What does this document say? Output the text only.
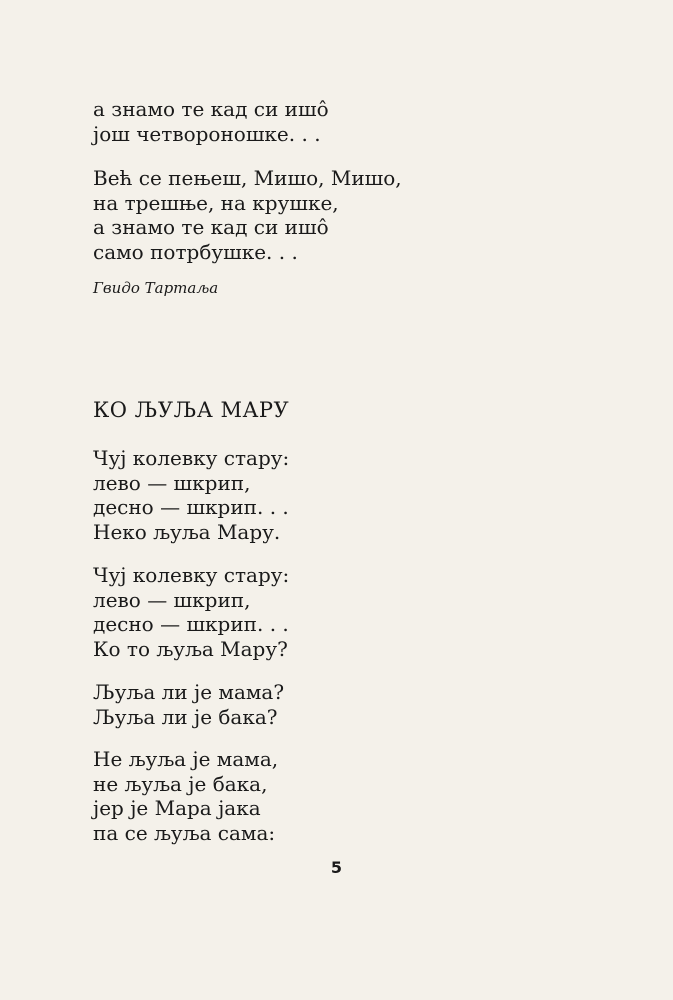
а знамо те кад си ишô
још четвороношке. . .
Већ се пењеш, Мишо, Мишо,
на трешње, на крушке,
а знамо те кад си ишô
само потрбушке. . .
Гвидо Тартаља
КО ЉУЉА МАРУ
Чуј колевку стару:
лево — шкрип,
десно — шкрип. . .
Неко љуља Мару.
Чуј колевку стару:
лево — шкрип,
десно — шкрип. . .
Ко то љуља Мару?
Љуља ли је мама?
Љуља ли је бака?
Не љуља је мама,
не љуља је бака,
јер је Мара јака
па се љуља сама:
5
